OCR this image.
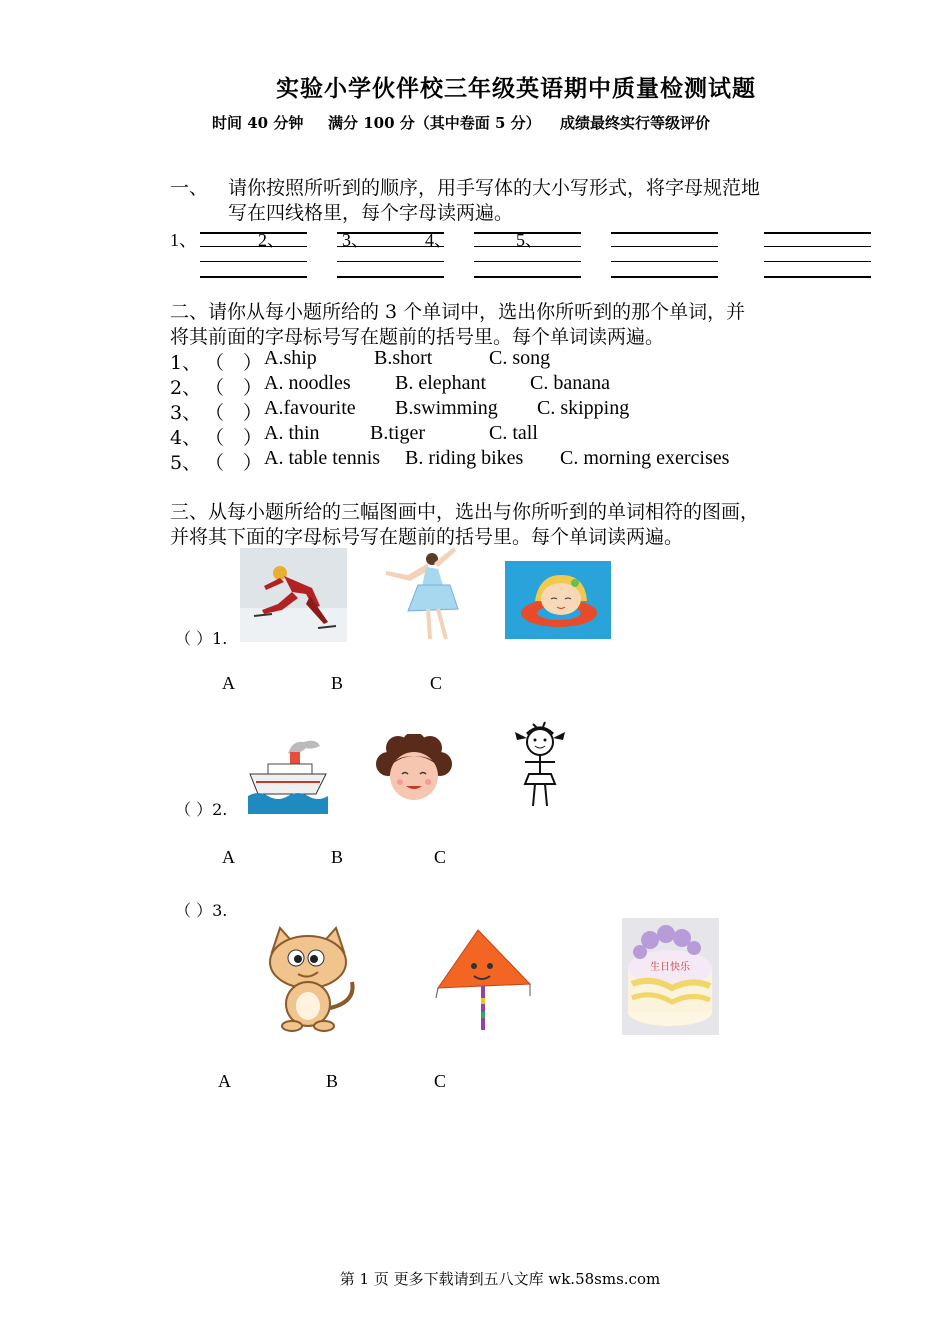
实验小学伙伴校三年级英语期中质量检测试题
时间 40 分钟 满分 100 分（其中卷面 5 分） 成绩最终实行等级评价
一、 请你按照所听到的顺序，用手写体的大小写形式，将字母规范地
写在四线格里，每个字母读两遍。
1、	2、	3、	4、	5、
二、请你从每小题所给的 3 个单词中，选出你所听到的那个单词，并
将其前面的字母标号写在题前的括号里。每个单词读两遍。
1、 （　） A.ship	B.short	C. song
2、 （　） A. noodles B. elephant C. banana
3、 （　） A.favourite B.swimming C. skipping
4、 （　） A. thin	B.tiger	C. tall
5、 （　） A. table tennis B. riding bikes C. morning exercises
三、从每小题所给的三幅图画中，选出与你所听到的单词相符的图画，
并将其下面的字母标号写在题前的括号里。每个单词读两遍。
（ ）1.
A	B	C
（ ）2.
A	B	C
（ ）3.
生日快乐
A	B	C
第 1 页 更多下载请到五八文库 wk.58sms.com
